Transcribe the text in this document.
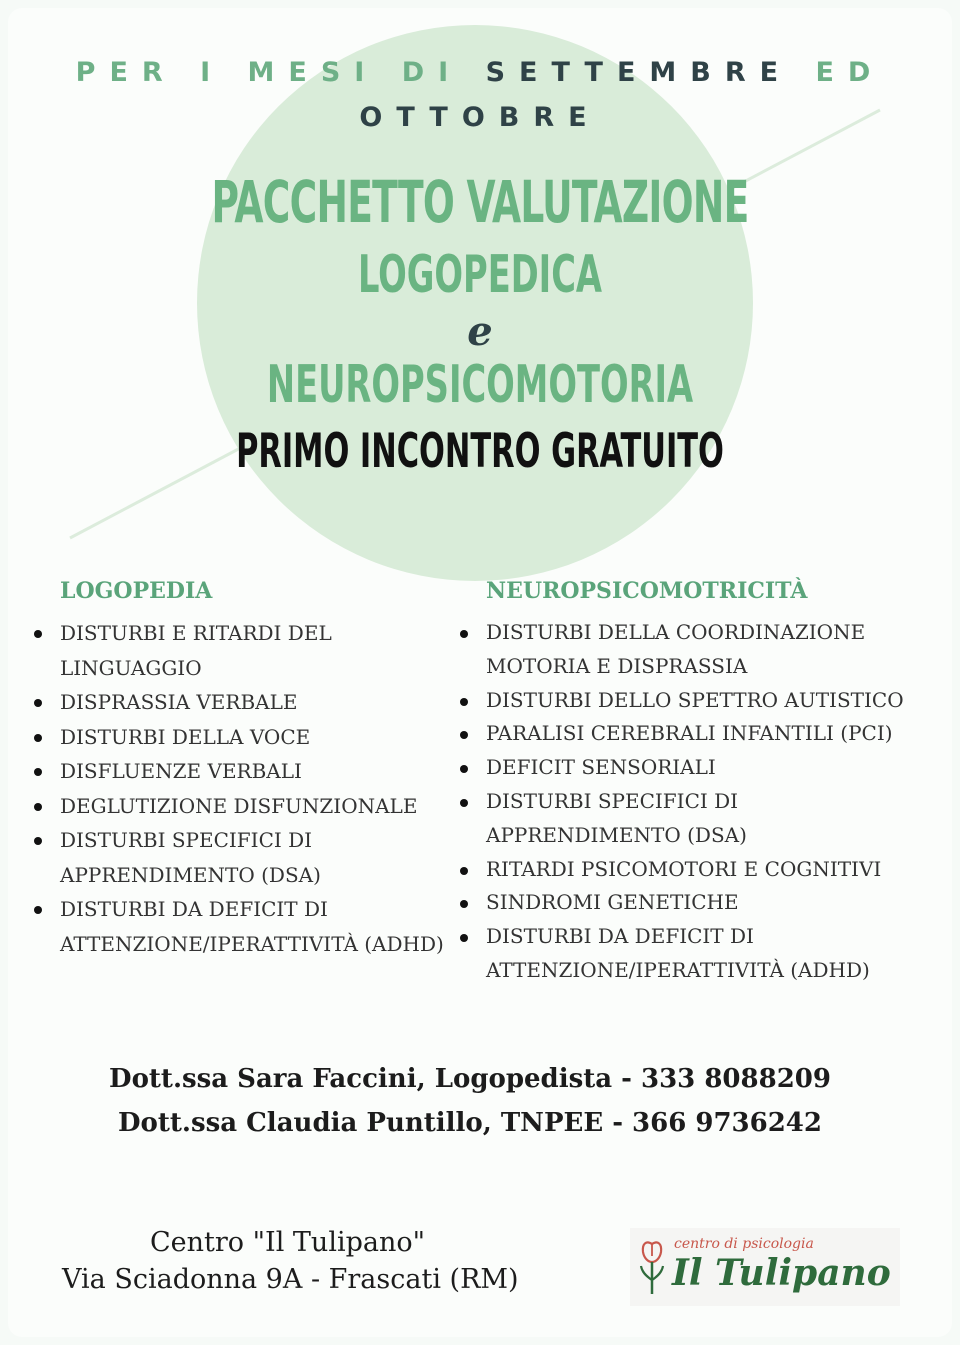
PER I MESI DI SETTEMBRE ED
OTTOBRE
PACCHETTO VALUTAZIONE
LOGOPEDICA
e
NEUROPSICOMOTORIA
PRIMO INCONTRO GRATUITO
LOGOPEDIA
DISTURBI E RITARDI DEL LINGUAGGIO
DISPRASSIA VERBALE
DISTURBI DELLA VOCE
DISFLUENZE VERBALI
DEGLUTIZIONE DISFUNZIONALE
DISTURBI SPECIFICI DI APPRENDIMENTO (DSA)
DISTURBI DA DEFICIT DI ATTENZIONE/IPERATTIVITÀ (ADHD)
NEUROPSICOMOTRICITÀ
DISTURBI DELLA COORDINAZIONE MOTORIA E DISPRASSIA
DISTURBI DELLO SPETTRO AUTISTICO
PARALISI CEREBRALI INFANTILI (PCI)
DEFICIT SENSORIALI
DISTURBI SPECIFICI DI APPRENDIMENTO (DSA)
RITARDI PSICOMOTORI E COGNITIVI
SINDROMI GENETICHE
DISTURBI DA DEFICIT DI ATTENZIONE/IPERATTIVITÀ (ADHD)
Dott.ssa Sara Faccini, Logopedista - 333 8088209
Dott.ssa Claudia Puntillo, TNPEE - 366 9736242
Centro "Il Tulipano"
Via Sciadonna 9A - Frascati (RM)
centro di psicologia
Il Tulipano
